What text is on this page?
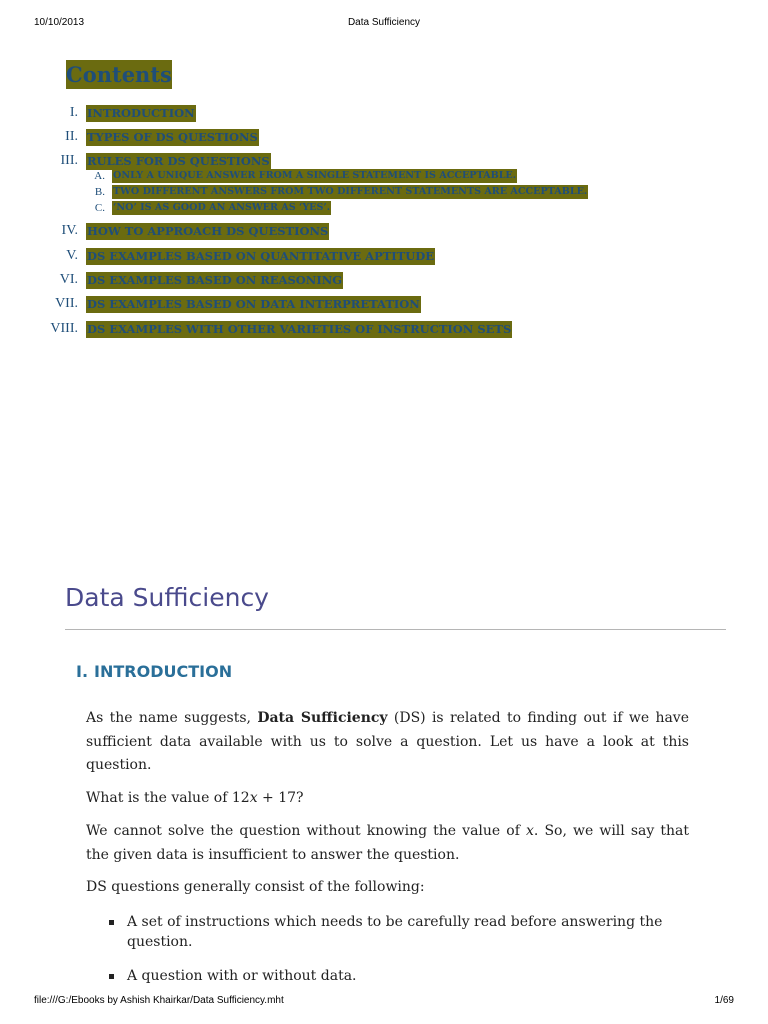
10/10/2013	Data Sufficiency
Contents
I. INTRODUCTION
II. TYPES OF DS QUESTIONS
III. RULES FOR DS QUESTIONS
A. ONLY A UNIQUE ANSWER FROM A SINGLE STATEMENT IS ACCEPTABLE.
B. TWO DIFFERENT ANSWERS FROM TWO DIFFERENT STATEMENTS ARE ACCEPTABLE.
C. ‘NO’ IS AS GOOD AN ANSWER AS ‘YES’.
IV. HOW TO APPROACH DS QUESTIONS
V. DS EXAMPLES BASED ON QUANTITATIVE APTITUDE
VI. DS EXAMPLES BASED ON REASONING
VII. DS EXAMPLES BASED ON DATA INTERPRETATION
VIII. DS EXAMPLES WITH OTHER VARIETIES OF INSTRUCTION SETS
Data Sufficiency
I. INTRODUCTION
As the name suggests, Data Sufficiency (DS) is related to finding out if we have sufficient data available with us to solve a question. Let us have a look at this question.
What is the value of 12x + 17?
We cannot solve the question without knowing the value of x. So, we will say that the given data is insufficient to answer the question.
DS questions generally consist of the following:
A set of instructions which needs to be carefully read before answering the question.
A question with or without data.
file:///G:/Ebooks by Ashish Khairkar/Data Sufficiency.mht	1/69
